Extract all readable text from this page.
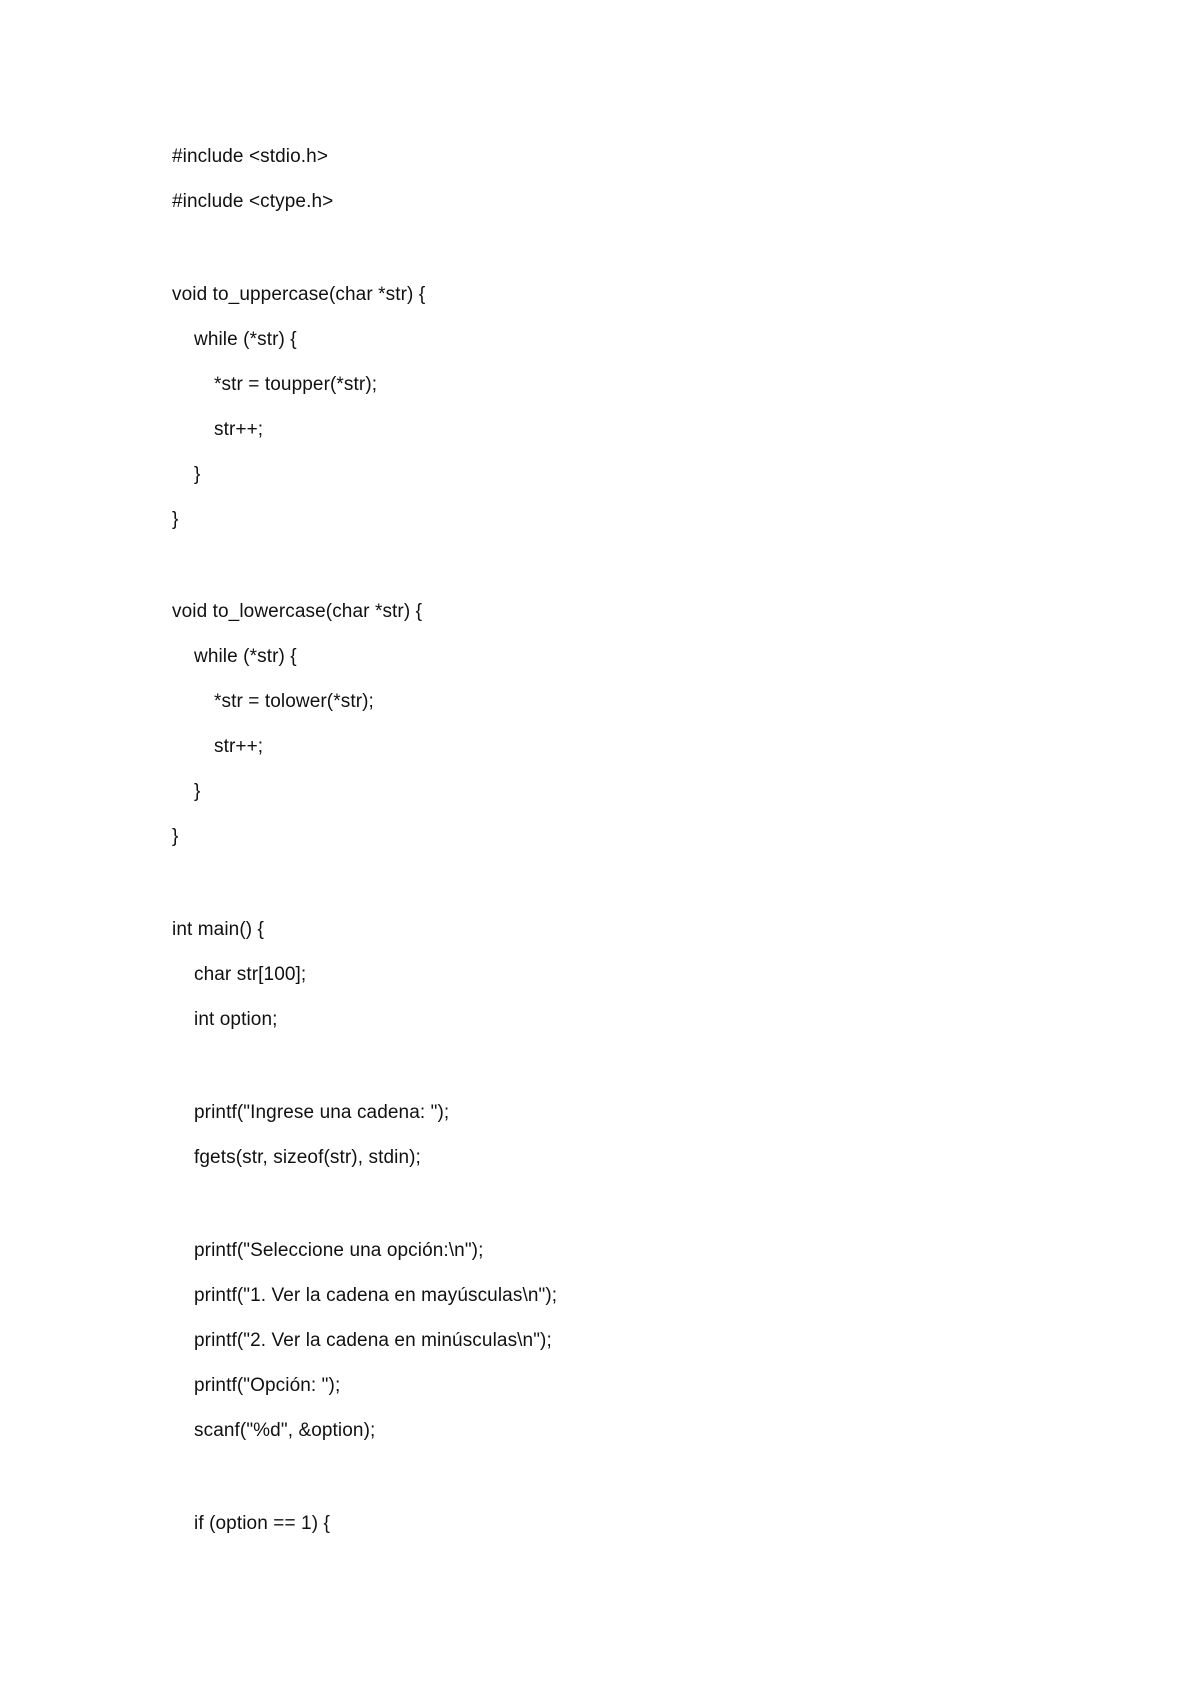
#include <stdio.h>
#include <ctype.h>
void to_uppercase(char *str) {
while (*str) {
*str = toupper(*str);
str++;
}
}
void to_lowercase(char *str) {
while (*str) {
*str = tolower(*str);
str++;
}
}
int main() {
char str[100];
int option;
printf("Ingrese una cadena: ");
fgets(str, sizeof(str), stdin);
printf("Seleccione una opción:\n");
printf("1. Ver la cadena en mayúsculas\n");
printf("2. Ver la cadena en minúsculas\n");
printf("Opción: ");
scanf("%d", &option);
if (option == 1) {
